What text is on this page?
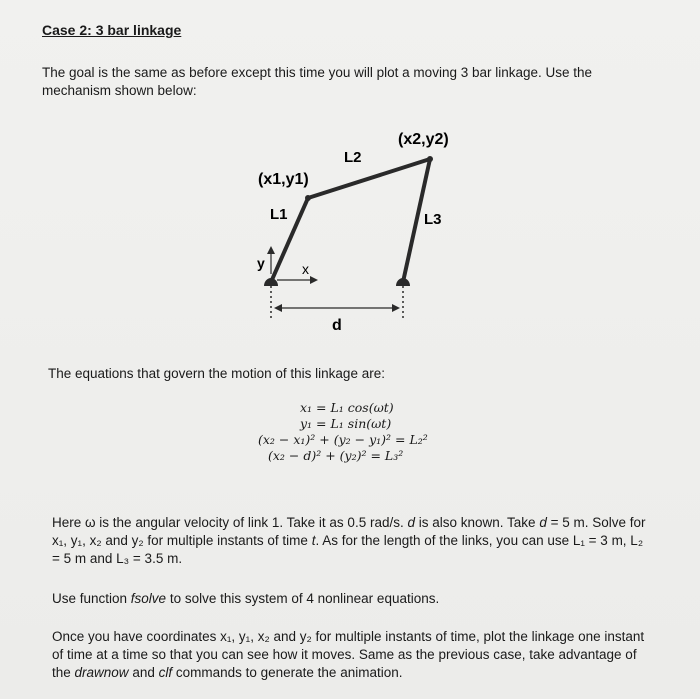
Case 2: 3 bar linkage
The goal is the same as before except this time you will plot a moving 3 bar linkage. Use the mechanism shown below:
(x1,y1)
(x2,y2)
L1
L2
L3
y	x
d
The equations that govern the motion of this linkage are:
x₁ = L₁ cos(ωt)
y₁ = L₁ sin(ωt)
(x₂ − x₁)² + (y₂ − y₁)² = L₂²
(x₂ − d)² + (y₂)² = L₃²
Here ω is the angular velocity of link 1. Take it as 0.5 rad/s. d is also known. Take d = 5 m. Solve for x₁, y₁, x₂ and y₂ for multiple instants of time t. As for the length of the links, you can use L₁ = 3 m, L₂ = 5 m and L₃ = 3.5 m.
Use function fsolve to solve this system of 4 nonlinear equations.
Once you have coordinates x₁, y₁, x₂ and y₂ for multiple instants of time, plot the linkage one instant of time at a time so that you can see how it moves. Same as the previous case, take advantage of the drawnow and clf commands to generate the animation.
